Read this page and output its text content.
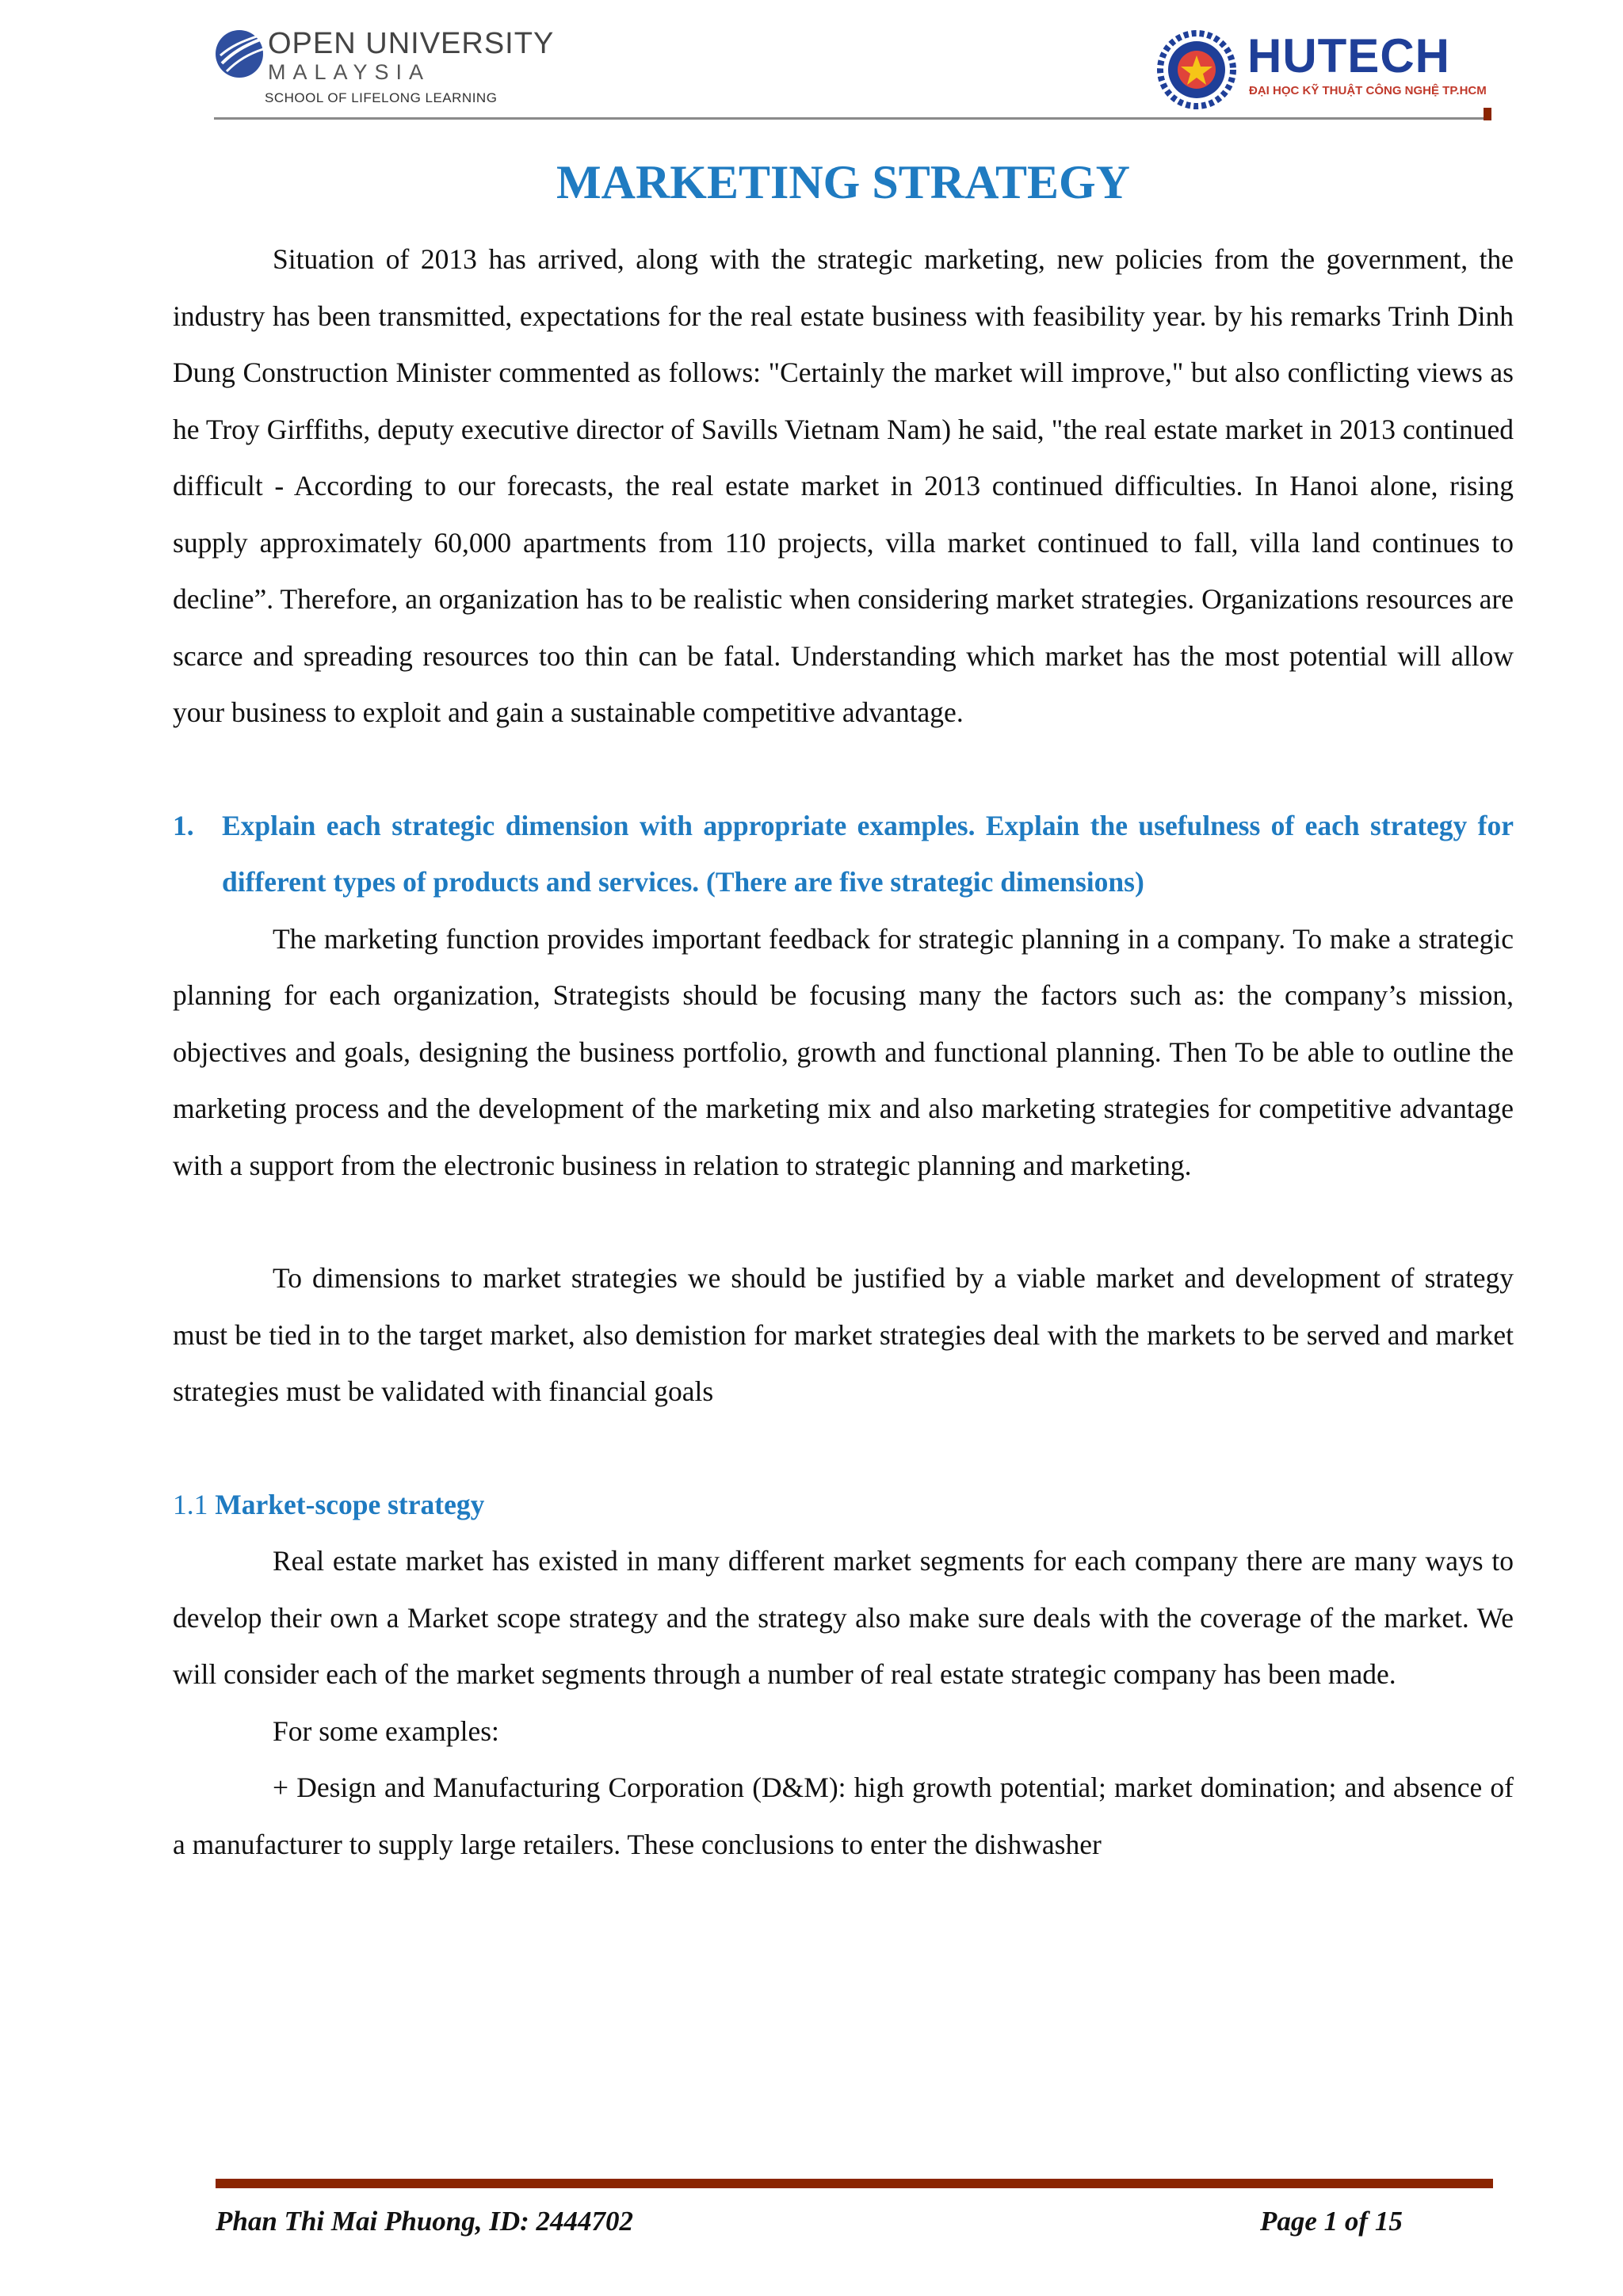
OPEN UNIVERSITY
MALAYSIA
SCHOOL OF LIFELONG LEARNING
HUTECH
ĐẠI HỌC KỸ THUẬT CÔNG NGHỆ TP.HCM
MARKETING STRATEGY

Situation of 2013 has arrived, along with the strategic marketing, new policies from the government, the industry has been transmitted, expectations for the real estate business with feasibility year. by his remarks Trinh Dinh Dung Construction Minister commented as follows: "Certainly the market will improve," but also conflicting views as he Troy Girffiths, deputy executive director of Savills Vietnam Nam) he said, "the real estate market in 2013 continued difficult - According to our forecasts, the real estate market in 2013 continued difficulties. In Hanoi alone, rising supply approximately 60,000 apartments from 110 projects, villa market continued to fall, villa land continues to decline”. Therefore, an organization has to be realistic when considering market strategies. Organizations resources are scarce and spreading resources too thin can be fatal. Understanding which market has the most potential will allow your business to exploit and gain a sustainable competitive advantage.

1. Explain each strategic dimension with appropriate examples. Explain the usefulness of each strategy for different types of products and services. (There are five strategic dimensions)

The marketing function provides important feedback for strategic planning in a company. To make a strategic planning for each organization, Strategists should be focusing many the factors such as: the company’s mission, objectives and goals, designing the business portfolio, growth and functional planning. Then To be able to outline the marketing process and the development of the marketing mix and also marketing strategies for competitive advantage with a support from the electronic business in relation to strategic planning and marketing.

To dimensions to market strategies we should be justified by a viable market and development of strategy must be tied in to the target market, also demistion for market strategies deal with the markets to be served and market strategies must be validated with financial goals

1.1 Market-scope strategy

Real estate market has existed in many different market segments for each company there are many ways to develop their own a Market scope strategy and the strategy also make sure deals with the coverage of the market. We will consider each of the market segments through a number of real estate strategic company has been made.

For some examples:

+ Design and Manufacturing Corporation (D&M): high growth potential; market domination; and absence of a manufacturer to supply large retailers. These conclusions to enter the dishwasher

Phan Thi Mai Phuong, ID: 2444702	Page 1 of 15
